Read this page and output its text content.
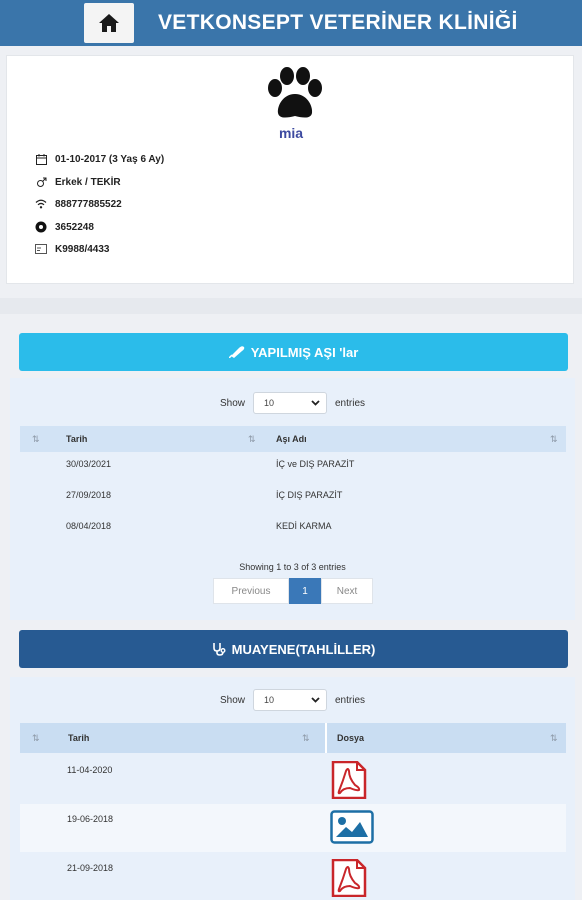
VETKONSEPT VETERİNER KLİNİĞİ
mia
01-10-2017 (3 Yaş 6 Ay)
Erkek / TEKİR
888777885522
3652248
K9988/4433
YAPILMIŞ AŞI 'lar
Show 10	entries
⇅	Tarih	⇅ Aşı Adı	⇅
30/03/2021	İÇ ve DIŞ PARAZİT
27/09/2018	İÇ DIŞ PARAZİT
08/04/2018	KEDİ KARMA
Showing 1 to 3 of 3 entries
Previous	1	Next
MUAYENE(TAHLİLLER)
Show 10	entries
⇅	Tarih	⇅	Dosya	⇅
11-04-2020
19-06-2018
21-09-2018
